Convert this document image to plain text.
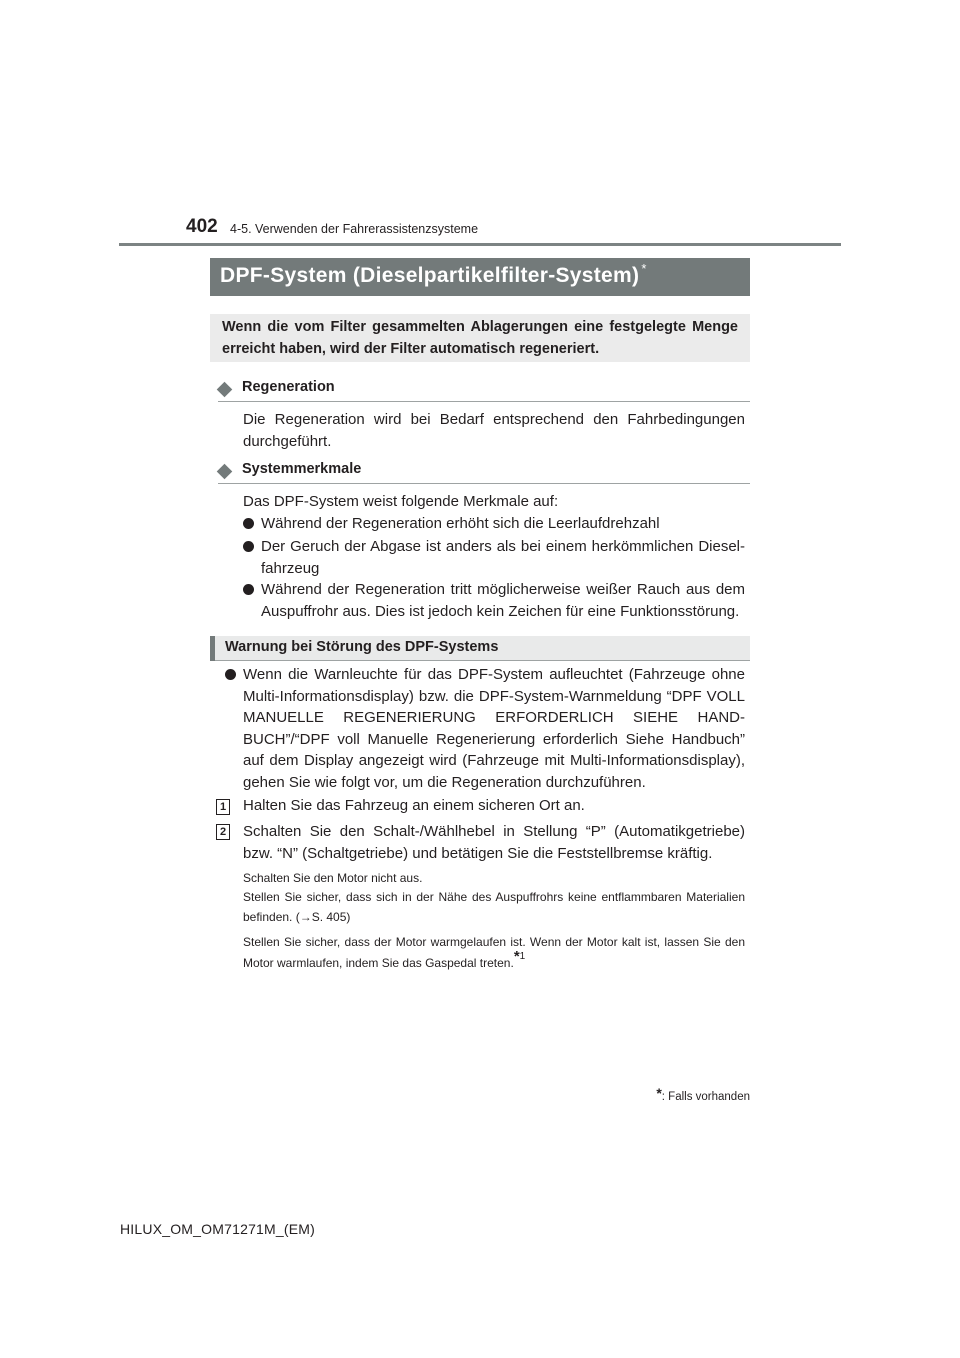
402 4-5. Verwenden der Fahrerassistenzsysteme
DPF-System (Dieselpartikelfilter-System) *
Wenn die vom Filter gesammelten Ablagerungen eine festgelegte Menge erreicht haben, wird der Filter automatisch regeneriert.
Regeneration
Die Regeneration wird bei Bedarf entsprechend den Fahrbedingungen durchgeführt.
Systemmerkmale
Das DPF-System weist folgende Merkmale auf:
Während der Regeneration erhöht sich die Leerlaufdrehzahl
Der Geruch der Abgase ist anders als bei einem herkömmlichen Diesel-fahrzeug
Während der Regeneration tritt möglicherweise weißer Rauch aus dem Auspuffrohr aus. Dies ist jedoch kein Zeichen für eine Funktionsstörung.
Warnung bei Störung des DPF-Systems
Wenn die Warnleuchte für das DPF-System aufleuchtet (Fahrzeuge ohne Multi-Informationsdisplay) bzw. die DPF-System-Warnmeldung “DPF VOLL MANUELLE REGENERIERUNG ERFORDERLICH SIEHE HAND-BUCH”/“DPF voll Manuelle Regenerierung erforderlich Siehe Handbuch” auf dem Display angezeigt wird (Fahrzeuge mit Multi-Informationsdisplay), gehen Sie wie folgt vor, um die Regeneration durchzuführen.
1 Halten Sie das Fahrzeug an einem sicheren Ort an.
2 Schalten Sie den Schalt-/Wählhebel in Stellung “P” (Automatikgetriebe) bzw. “N” (Schaltgetriebe) und betätigen Sie die Feststellbremse kräftig.
Schalten Sie den Motor nicht aus.
Stellen Sie sicher, dass sich in der Nähe des Auspuffrohrs keine entflammbaren Materialien befinden. (→S. 405)
Stellen Sie sicher, dass der Motor warmgelaufen ist. Wenn der Motor kalt ist, lassen Sie den Motor warmlaufen, indem Sie das Gaspedal treten.*$^1$
*: Falls vorhanden
HILUX_OM_OM71271M_(EM)
